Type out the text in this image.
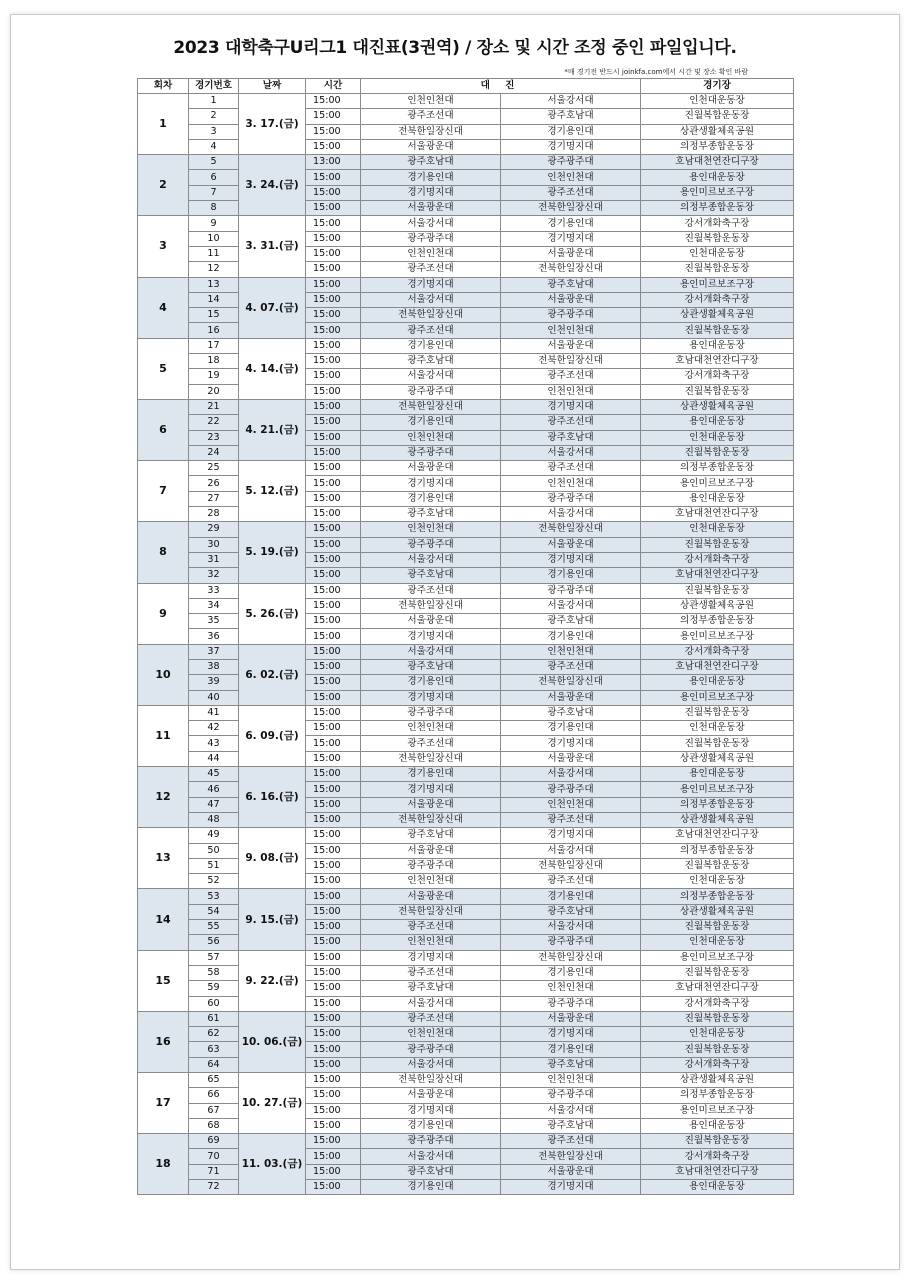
2023 대학축구U리그1 대진표(3권역) / 장소 및 시간 조정 중인 파일입니다.
*매 경기전 반드시 joinkfa.com에서 시간 및 장소 확인 바람
회차	경기번호	날짜	시간	대 진		경기장
1	1	3. 17.(금)	15:00	인천인천대	서울강서대	인천대운동장
	2		15:00	광주조선대	광주호남대	진월복합운동장
	3		15:00	전북한일장신대	경기용인대	상관생활체육공원
	4		15:00	서울광운대	경기명지대	의정부종합운동장
2	5	3. 24.(금)	13:00	광주호남대	광주광주대	호남대천연잔디구장
	6		15:00	경기용인대	인천인천대	용인대운동장
	7		15:00	경기명지대	광주조선대	용인미르보조구장
	8		15:00	서울광운대	전북한일장신대	의정부종합운동장
3	9	3. 31.(금)	15:00	서울강서대	경기용인대	강서개화축구장
	10		15:00	광주광주대	경기명지대	진월복합운동장
	11		15:00	인천인천대	서울광운대	인천대운동장
	12		15:00	광주조선대	전북한일장신대	진월복합운동장
4	13	4. 07.(금)	15:00	경기명지대	광주호남대	용인미르보조구장
	14		15:00	서울강서대	서울광운대	강서개화축구장
	15		15:00	전북한일장신대	광주광주대	상관생활체육공원
	16		15:00	광주조선대	인천인천대	진월복합운동장
5	17	4. 14.(금)	15:00	경기용인대	서울광운대	용인대운동장
	18		15:00	광주호남대	전북한일장신대	호남대천연잔디구장
	19		15:00	서울강서대	광주조선대	강서개화축구장
	20		15:00	광주광주대	인천인천대	진월복합운동장
6	21	4. 21.(금)	15:00	전북한일장신대	경기명지대	상관생활체육공원
	22		15:00	경기용인대	광주조선대	용인대운동장
	23		15:00	인천인천대	광주호남대	인천대운동장
	24		15:00	광주광주대	서울강서대	진월복합운동장
7	25	5. 12.(금)	15:00	서울광운대	광주조선대	의정부종합운동장
	26		15:00	경기명지대	인천인천대	용인미르보조구장
	27		15:00	경기용인대	광주광주대	용인대운동장
	28		15:00	광주호남대	서울강서대	호남대천연잔디구장
8	29	5. 19.(금)	15:00	인천인천대	전북한일장신대	인천대운동장
	30		15:00	광주광주대	서울광운대	진월복합운동장
	31		15:00	서울강서대	경기명지대	강서개화축구장
	32		15:00	광주호남대	경기용인대	호남대천연잔디구장
9	33	5. 26.(금)	15:00	광주조선대	광주광주대	진월복합운동장
	34		15:00	전북한일장신대	서울강서대	상관생활체육공원
	35		15:00	서울광운대	광주호남대	의정부종합운동장
	36		15:00	경기명지대	경기용인대	용인미르보조구장
10	37	6. 02.(금)	15:00	서울강서대	인천인천대	강서개화축구장
	38		15:00	광주호남대	광주조선대	호남대천연잔디구장
	39		15:00	경기용인대	전북한일장신대	용인대운동장
	40		15:00	경기명지대	서울광운대	용인미르보조구장
11	41	6. 09.(금)	15:00	광주광주대	광주호남대	진월복합운동장
	42		15:00	인천인천대	경기용인대	인천대운동장
	43		15:00	광주조선대	경기명지대	진월복합운동장
	44		15:00	전북한일장신대	서울광운대	상관생활체육공원
12	45	6. 16.(금)	15:00	경기용인대	서울강서대	용인대운동장
	46		15:00	경기명지대	광주광주대	용인미르보조구장
	47		15:00	서울광운대	인천인천대	의정부종합운동장
	48		15:00	전북한일장신대	광주조선대	상관생활체육공원
13	49	9. 08.(금)	15:00	광주호남대	경기명지대	호남대천연잔디구장
	50		15:00	서울광운대	서울강서대	의정부종합운동장
	51		15:00	광주광주대	전북한일장신대	진월복합운동장
	52		15:00	인천인천대	광주조선대	인천대운동장
14	53	9. 15.(금)	15:00	서울광운대	경기용인대	의정부종합운동장
	54		15:00	전북한일장신대	광주호남대	상관생활체육공원
	55		15:00	광주조선대	서울강서대	진월복합운동장
	56		15:00	인천인천대	광주광주대	인천대운동장
15	57	9. 22.(금)	15:00	경기명지대	전북한일장신대	용인미르보조구장
	58		15:00	광주조선대	경기용인대	진월복합운동장
	59		15:00	광주호남대	인천인천대	호남대천연잔디구장
	60		15:00	서울강서대	광주광주대	강서개화축구장
16	61	10. 06.(금)	15:00	광주조선대	서울광운대	진월복합운동장
	62		15:00	인천인천대	경기명지대	인천대운동장
	63		15:00	광주광주대	경기용인대	진월복합운동장
	64		15:00	서울강서대	광주호남대	강서개화축구장
17	65	10. 27.(금)	15:00	전북한일장신대	인천인천대	상관생활체육공원
	66		15:00	서울광운대	광주광주대	의정부종합운동장
	67		15:00	경기명지대	서울강서대	용인미르보조구장
	68		15:00	경기용인대	광주호남대	용인대운동장
18	69	11. 03.(금)	15:00	광주광주대	광주조선대	진월복합운동장
	70		15:00	서울강서대	전북한일장신대	강서개화축구장
	71		15:00	광주호남대	서울광운대	호남대천연잔디구장
	72		15:00	경기용인대	경기명지대	용인대운동장
